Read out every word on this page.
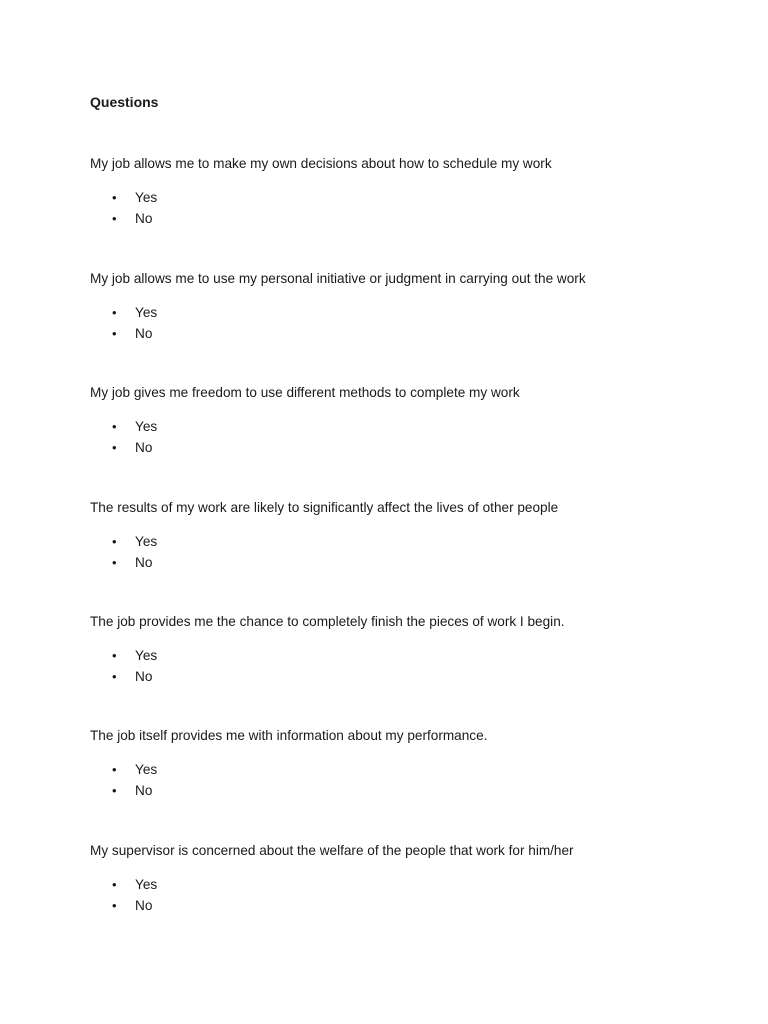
Questions

My job allows me to make my own decisions about how to schedule my work

• Yes
• No

My job allows me to use my personal initiative or judgment in carrying out the work

• Yes
• No

My job gives me freedom to use different methods to complete my work

• Yes
• No

The results of my work are likely to significantly affect the lives of other people

• Yes
• No

The job provides me the chance to completely finish the pieces of work I begin.

• Yes
• No

The job itself provides me with information about my performance.

• Yes
• No

My supervisor is concerned about the welfare of the people that work for him/her

• Yes
• No
